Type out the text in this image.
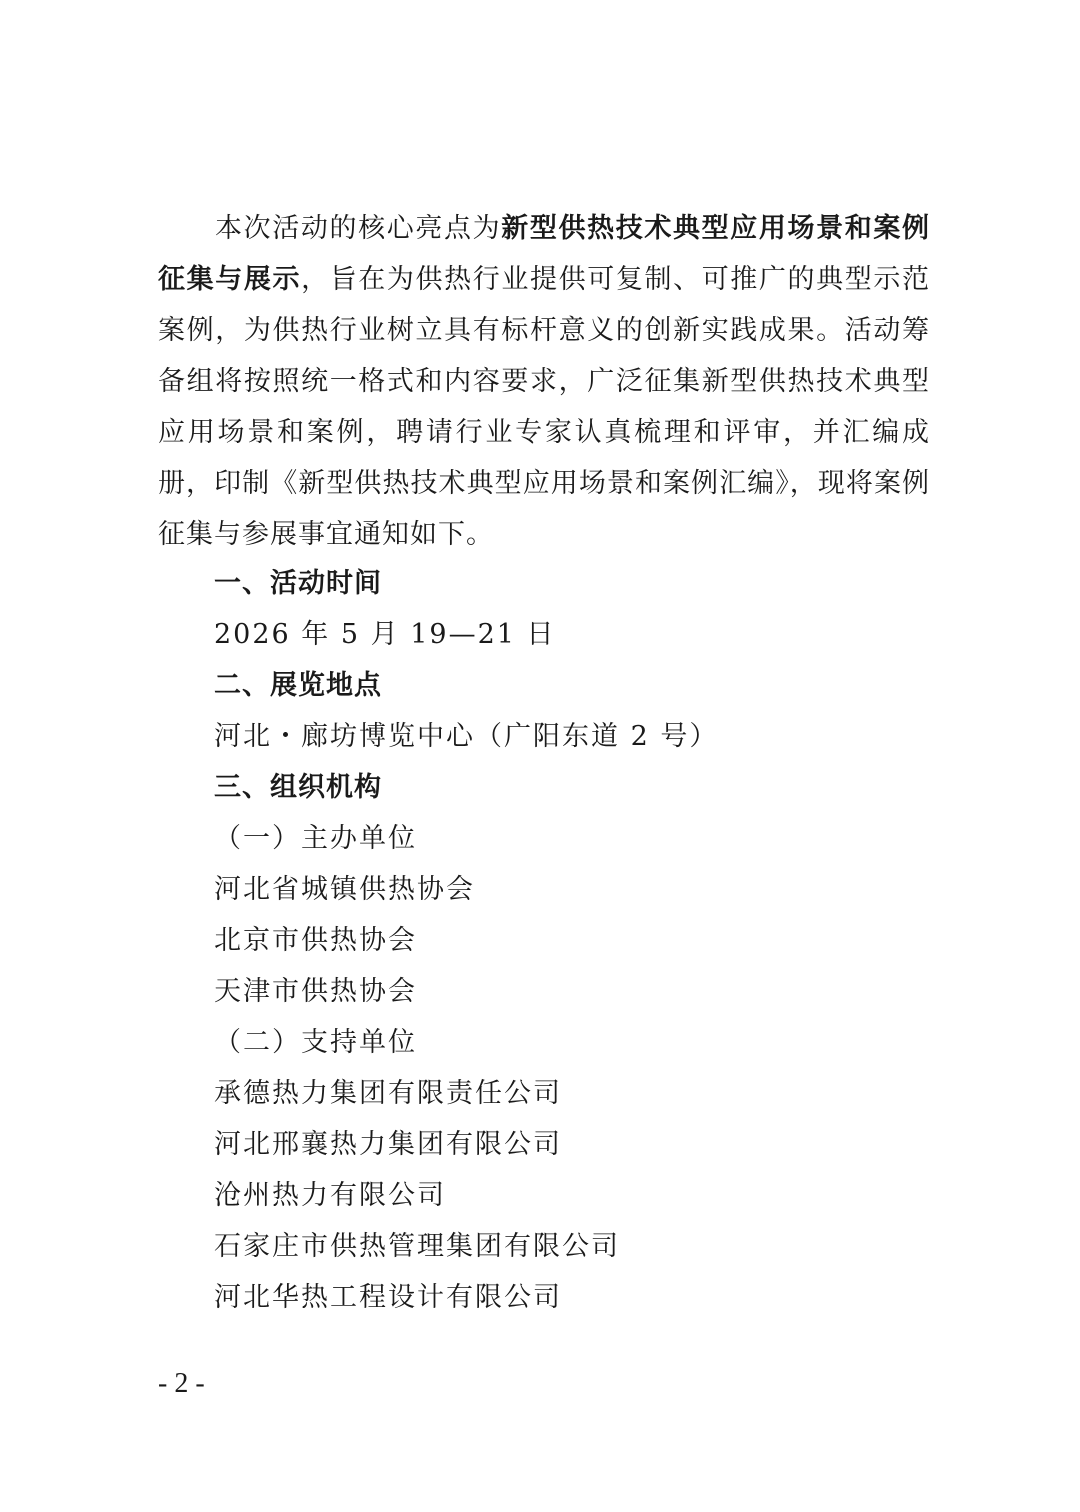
本次活动的核心亮点为新型供热技术典型应用场景和案例征集与展示，旨在为供热行业提供可复制、可推广的典型示范案例，为供热行业树立具有标杆意义的创新实践成果。活动筹备组将按照统一格式和内容要求，广泛征集新型供热技术典型应用场景和案例，聘请行业专家认真梳理和评审，并汇编成册，印制《新型供热技术典型应用场景和案例汇编》，现将案例征集与参展事宜通知如下。

一、活动时间

2026 年 5 月 19—21 日

二、展览地点

河北・廊坊博览中心（广阳东道 2 号）

三、组织机构

（一）主办单位

河北省城镇供热协会

北京市供热协会

天津市供热协会

（二）支持单位

承德热力集团有限责任公司

河北邢襄热力集团有限公司

沧州热力有限公司

石家庄市供热管理集团有限公司

河北华热工程设计有限公司

- 2 -
